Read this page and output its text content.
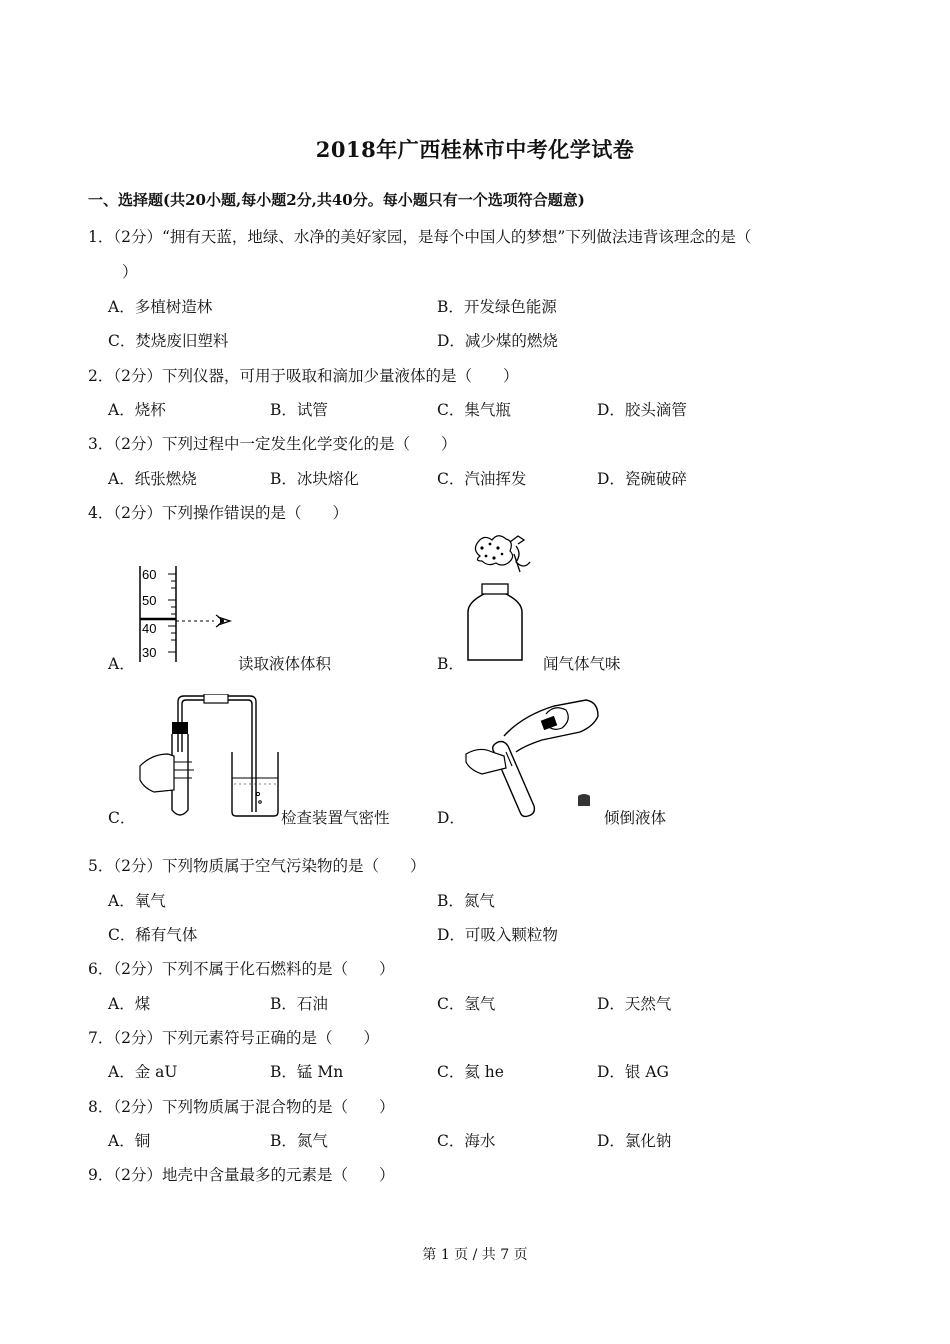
2018年广西桂林市中考化学试卷
一、选择题(共20小题,每小题2分,共40分。每小题只有一个选项符合题意)
1．（2分）“拥有天蓝，地绿、水净的美好家园，是每个中国人的梦想”下列做法违背该理念的是（
）
A．多植树造林	B．开发绿色能源
C．焚烧废旧塑料	D．减少煤的燃烧
2．（2分）下列仪器，可用于吸取和滴加少量液体的是（　　）
A．烧杯	B．试管	C．集气瓶	D．胶头滴管
3．（2分）下列过程中一定发生化学变化的是（　　）
A．纸张燃烧	B．冰块熔化	C．汽油挥发	D．瓷碗破碎
4．（2分）下列操作错误的是（　　）
A．
60
50
40
30
读取液体体积	B．	闻气体气味
C．	检查装置气密性	D．	倾倒液体
5．（2分）下列物质属于空气污染物的是（　　）
A．氧气	B．氮气
C．稀有气体	D．可吸入颗粒物
6．（2分）下列不属于化石燃料的是（　　）
A．煤	B．石油	C．氢气	D．天然气
7．（2分）下列元素符号正确的是（　　）
A．金 aU	B．锰 Mn	C．氦 he	D．银 AG
8．（2分）下列物质属于混合物的是（　　）
A．铜	B．氮气	C．海水	D．氯化钠
9．（2分）地壳中含量最多的元素是（　　）
第 1 页 / 共 7 页
